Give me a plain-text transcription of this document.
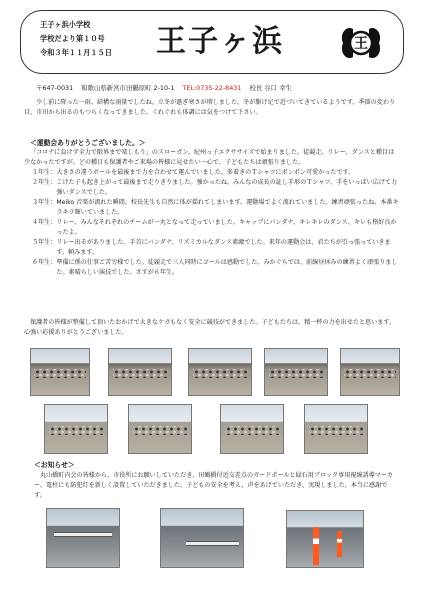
王子ヶ浜小学校
学校だより第１０号
令和３年１１月１５日 王子ヶ浜	王
〒647-0031 和歌山県新宮市田鶴原町 2-10-1 TEL:0735-22-8431 校長 谷口 幸生
少し前に降った一雨、結構な雨量でしたね。立冬が過ぎ寒さが増しました。冬が駆け足で近づいてきているようです。季節の変わり目、市田から出るのもつらくなってきました。くれぐれも体調には気をつけて下さい。
＜運動会ありがとうございました。＞
「コロナに負けず全力で限界まで楽しもう」のスローガン。紀州っ子エクササイズで始まりました。徒競走、リレー、ダンスと種目は少なかったですが、どの種目も保護者やご来場の皆様に見せたい一心で、子どもたちは頑張りました。
１年生： 大きさの違うボールを最後まで力を合わせて運んでいました。多着きのＴシャツにポンポン可愛かったです。
２年生： こけた子も起き上がって最後まで走りきりました。強かったね。みんなの成長の証し手形のＴシャツ、手をいっぱい広げて力強いダンスでした。
３年生： Meiko 音楽が流れた瞬間、校長先生も自然に体が揺れてしまいます。運動場でよく流れていました。練習頑張ったね。本番キラキラ輝いていました。
４年生： リレー、みんなそれぞれのチームが一丸となって走っていました。キャップにバンダナ、キレキレのダンス、キレも格好良かったよ。
５年生： リレー出るがありました。手首にバンダナ、リズミカルなダンス素敵でした。来年の運動会は、君たちが引っ張っていきます。頼みます。
６年生： 準備に係の仕事ご苦労様でした。徒競走で三人同時にゴールは感動でした。みかぐらでは、前線昼休みの練習よく頑張りました。素晴らしい演技でした。さすが６年生。
保護者の皆様が整備して頂いたおかげで大きなケガもなく安全に競技ができました。子どもたちは、精一杯の力を出せたと思います。心強い応援ありがとうございました。
＜お知らせ＞
丸山橋町内会の皆様から、市役所にお願いしていただき、田鶴橋付近交差点のガードポールと緑石用ブロック専用視線誘導マーカー、電柱にも防犯灯を新しく設置していただきました。子どもの安全を考え、声をあげていただき、実現しました。本当に感謝です。
